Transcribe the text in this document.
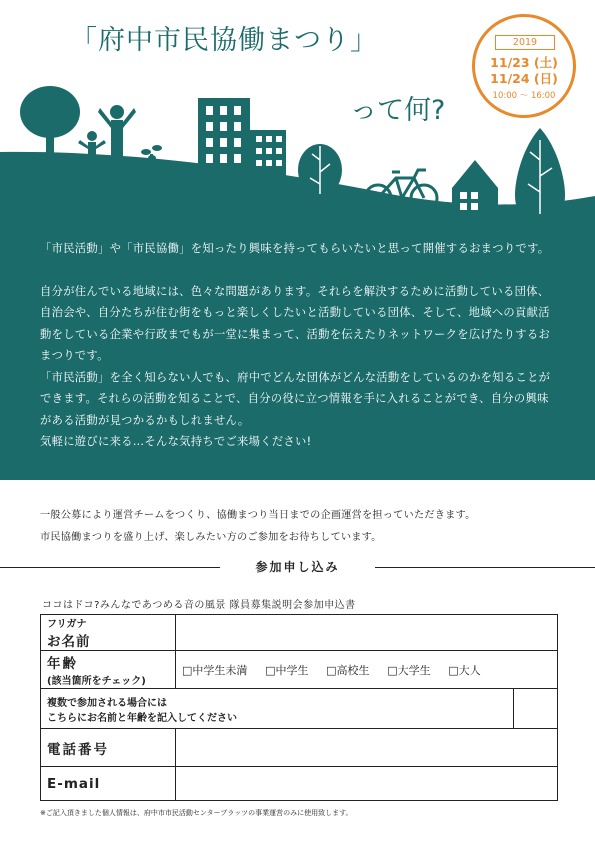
「府中市民協働まつり」
って何?
2019
11/23 (土)
11/24 (日)
10:00 〜 16:00
「市民活動」や「市民協働」を知ったり興味を持ってもらいたいと思って開催するおまつりです。
自分が住んでいる地域には、色々な問題があります。それらを解決するために活動している団体、自治会や、自分たちが住む街をもっと楽しくしたいと活動している団体、そして、地域への貢献活動をしている企業や行政までもが一堂に集まって、活動を伝えたりネットワークを広げたりするおまつりです。
「市民活動」を全く知らない人でも、府中でどんな団体がどんな活動をしているのかを知ることができます。それらの活動を知ることで、自分の役に立つ情報を手に入れることができ、自分の興味がある活動が見つかるかもしれません。
気軽に遊びに来る…そんな気持ちでご来場ください!
一般公募により運営チームをつくり、協働まつり当日までの企画運営を担っていただきます。
市民協働まつりを盛り上げ、楽しみたい方のご参加をお待ちしています。
参加申し込み
ココはドコ?みんなであつめる音の風景 隊員募集説明会参加申込書
フリガナ
お名前		

年齢
(該当箇所をチェック)	□中学生未満 □中学生 □高校生 □大学生 □大人	

複数で参加される場合には
こちらにお名前と年齢を記入してください		

電話番号		

E-mail		

※ご記入頂きました個人情報は、府中市市民活動センタープラッツの事業運営のみに使用致します。
